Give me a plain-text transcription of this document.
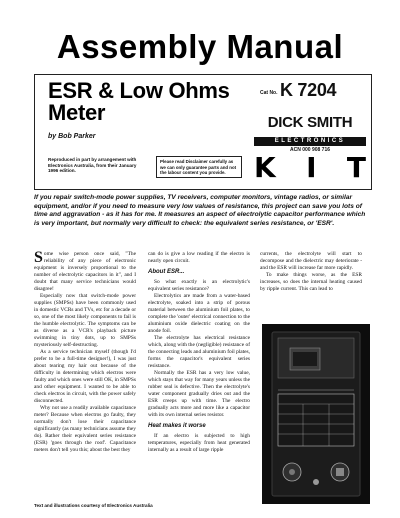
Assembly Manual
ESR & Low Ohms
Meter
Cat No. K 7204
by Bob Parker
Reproduced in part by arrangement with Electronics Australia, from their January 1996 edition.
Please read Disclaimer carefully as we can only guarantee parts and not the labour content you provide.
DICK SMITH
ELECTRONICS
ACN 000 908 716
K I T
If you repair switch-mode power supplies, TV receivers, computer monitors, vintage radios, or similar equipment, and/or if you need to measure very low values of resistance, this project can save you lots of time and aggravation - as it has for me. It measures an aspect of electrolytic capacitor performance which is very important, but normally very difficult to check: the equivalent series resistance, or 'ESR'.

Some wise person once said, "The reliability of any piece of electronic equipment is inversely proportional to the number of electrolytic capacitors in it", and I doubt that many service technicians would disagree!

Especially now that switch-mode power supplies (SMPSs) have been commonly used in domestic VCRs and TVs, etc for a decade or so, one of the most likely components to fail is the humble electrolytic. The symptoms can be as diverse as a VCR's playback picture swimming in tiny dots, up to SMPSs mysteriously self-destructing.

As a service technician myself (though I'd prefer to be a full-time designer!), I was just about tearing my hair out because of the difficulty in determining which electros were faulty and which ones were still OK, in SMPSs and other equipment. I wanted to be able to check electros in circuit, with the power safely disconnected.

Why not use a readily available capacitance meter? Because when electros go faulty, they normally don't lose their capacitance significantly (as many technicians assume they do). Rather their equivalent series resistance (ESR) 'goes through the roof'. Capacitance meters don't tell you this; about the best they

can do is give a low reading if the electro is nearly open circuit.

About ESR...

So what exactly is an electrolytic's equivalent series resistance?

Electrolytics are made from a water-based electrolyte, soaked into a strip of porous material between the aluminium foil plates, to complete the 'outer' electrical connection to the aluminium oxide dielectric coating on the anode foil.

The electrolyte has electrical resistance which, along with the (negligible) resistance of the connecting leads and aluminium foil plates, forms the capacitor's equivalent series resistance.

Normally the ESR has a very low value, which stays that way for many years unless the rubber seal is defective. Then the electrolyte's water component gradually dries out and the ESR creeps up with time. The electro gradually acts more and more like a capacitor with its own internal series resistor.

Heat makes it worse

If an electro is subjected to high temperatures, especially from heat generated internally as a result of large ripple

currents, the electrolyte will start to decompose and the dielectric may deteriorate - and the ESR will increase far more rapidly.

To make things worse, as the ESR increases, so does the internal heating caused by ripple current. This can lead to

Text and illustrations courtesy of Electronics Australia
